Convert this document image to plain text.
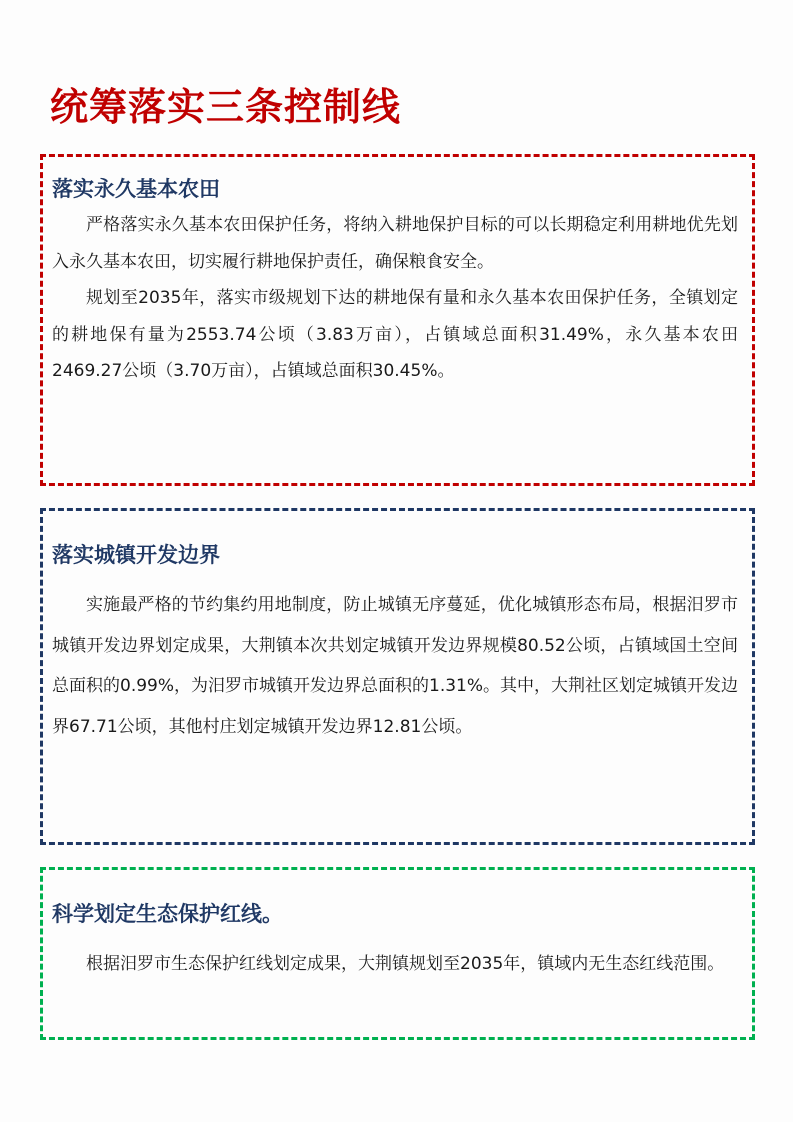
统筹落实三条控制线
落实永久基本农田

严格落实永久基本农田保护任务，将纳入耕地保护目标的可以长期稳定利用耕地优先划入永久基本农田，切实履行耕地保护责任，确保粮食安全。

规划至2035年，落实市级规划下达的耕地保有量和永久基本农田保护任务，全镇划定的耕地保有量为2553.74公顷（3.83万亩），占镇域总面积31.49%，永久基本农田2469.27公顷（3.70万亩），占镇域总面积30.45%。

落实城镇开发边界

实施最严格的节约集约用地制度，防止城镇无序蔓延，优化城镇形态布局，根据汨罗市城镇开发边界划定成果，大荆镇本次共划定城镇开发边界规模80.52公顷，占镇域国土空间总面积的0.99%，为汨罗市城镇开发边界总面积的1.31%。其中，大荆社区划定城镇开发边界67.71公顷，其他村庄划定城镇开发边界12.81公顷。

科学划定生态保护红线。

根据汨罗市生态保护红线划定成果，大荆镇规划至2035年，镇域内无生态红线范围。
